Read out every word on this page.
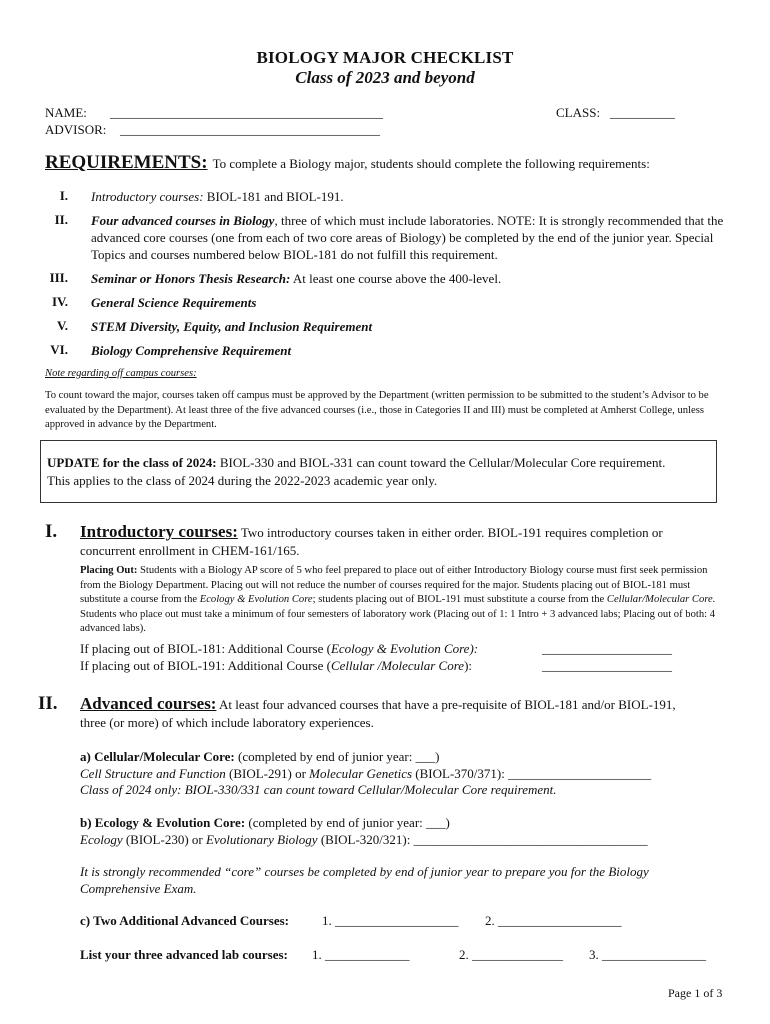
BIOLOGY MAJOR CHECKLIST
Class of 2023 and beyond
NAME: __________________________________________	CLASS: __________
ADVISOR: ________________________________________
REQUIREMENTS: To complete a Biology major, students should complete the following requirements:
I. Introductory courses: BIOL-181 and BIOL-191.
II. Four advanced courses in Biology, three of which must include laboratories. NOTE: It is strongly recommended that the advanced core courses (one from each of two core areas of Biology) be completed by the end of the junior year. Special Topics and courses numbered below BIOL-181 do not fulfill this requirement.
III. Seminar or Honors Thesis Research: At least one course above the 400-level.
IV. General Science Requirements
V. STEM Diversity, Equity, and Inclusion Requirement
VI. Biology Comprehensive Requirement
Note regarding off campus courses:
To count toward the major, courses taken off campus must be approved by the Department (written permission to be submitted to the student’s Advisor to be evaluated by the Department). At least three of the five advanced courses (i.e., those in Categories II and III) must be completed at Amherst College, unless approved in advance by the Department.
UPDATE for the class of 2024: BIOL-330 and BIOL-331 can count toward the Cellular/Molecular Core requirement.
This applies to the class of 2024 during the 2022-2023 academic year only.
I. Introductory courses: Two introductory courses taken in either order. BIOL-191 requires completion or
concurrent enrollment in CHEM-161/165.
Placing Out: Students with a Biology AP score of 5 who feel prepared to place out of either Introductory Biology course must first seek permission from the Biology Department. Placing out will not reduce the number of courses required for the major. Students placing out of BIOL-181 must substitute a course from the Ecology & Evolution Core; students placing out of BIOL-191 must substitute a course from the Cellular/Molecular Core. Students who place out must take a minimum of four semesters of laboratory work (Placing out of 1: 1 Intro + 3 advanced labs; Placing out of both: 4 advanced labs).
If placing out of BIOL-181: Additional Course (Ecology & Evolution Core):	____________________
If placing out of BIOL-191: Additional Course (Cellular /Molecular Core):	____________________
II. Advanced courses: At least four advanced courses that have a pre-requisite of BIOL-181 and/or BIOL-191,
three (or more) of which include laboratory experiences.
a) Cellular/Molecular Core: (completed by end of junior year: ___)
Cell Structure and Function (BIOL-291) or Molecular Genetics (BIOL-370/371): ______________________
Class of 2024 only: BIOL-330/331 can count toward Cellular/Molecular Core requirement.
b) Ecology & Evolution Core: (completed by end of junior year: ___)
Ecology (BIOL-230) or Evolutionary Biology (BIOL-320/321): ____________________________________
It is strongly recommended “core” courses be completed by end of junior year to prepare you for the Biology Comprehensive Exam.
c) Two Additional Advanced Courses:	1. ___________________ 2. ___________________
List your three advanced lab courses: 1. _____________	2. ______________ 3. ________________
Page 1 of 3
